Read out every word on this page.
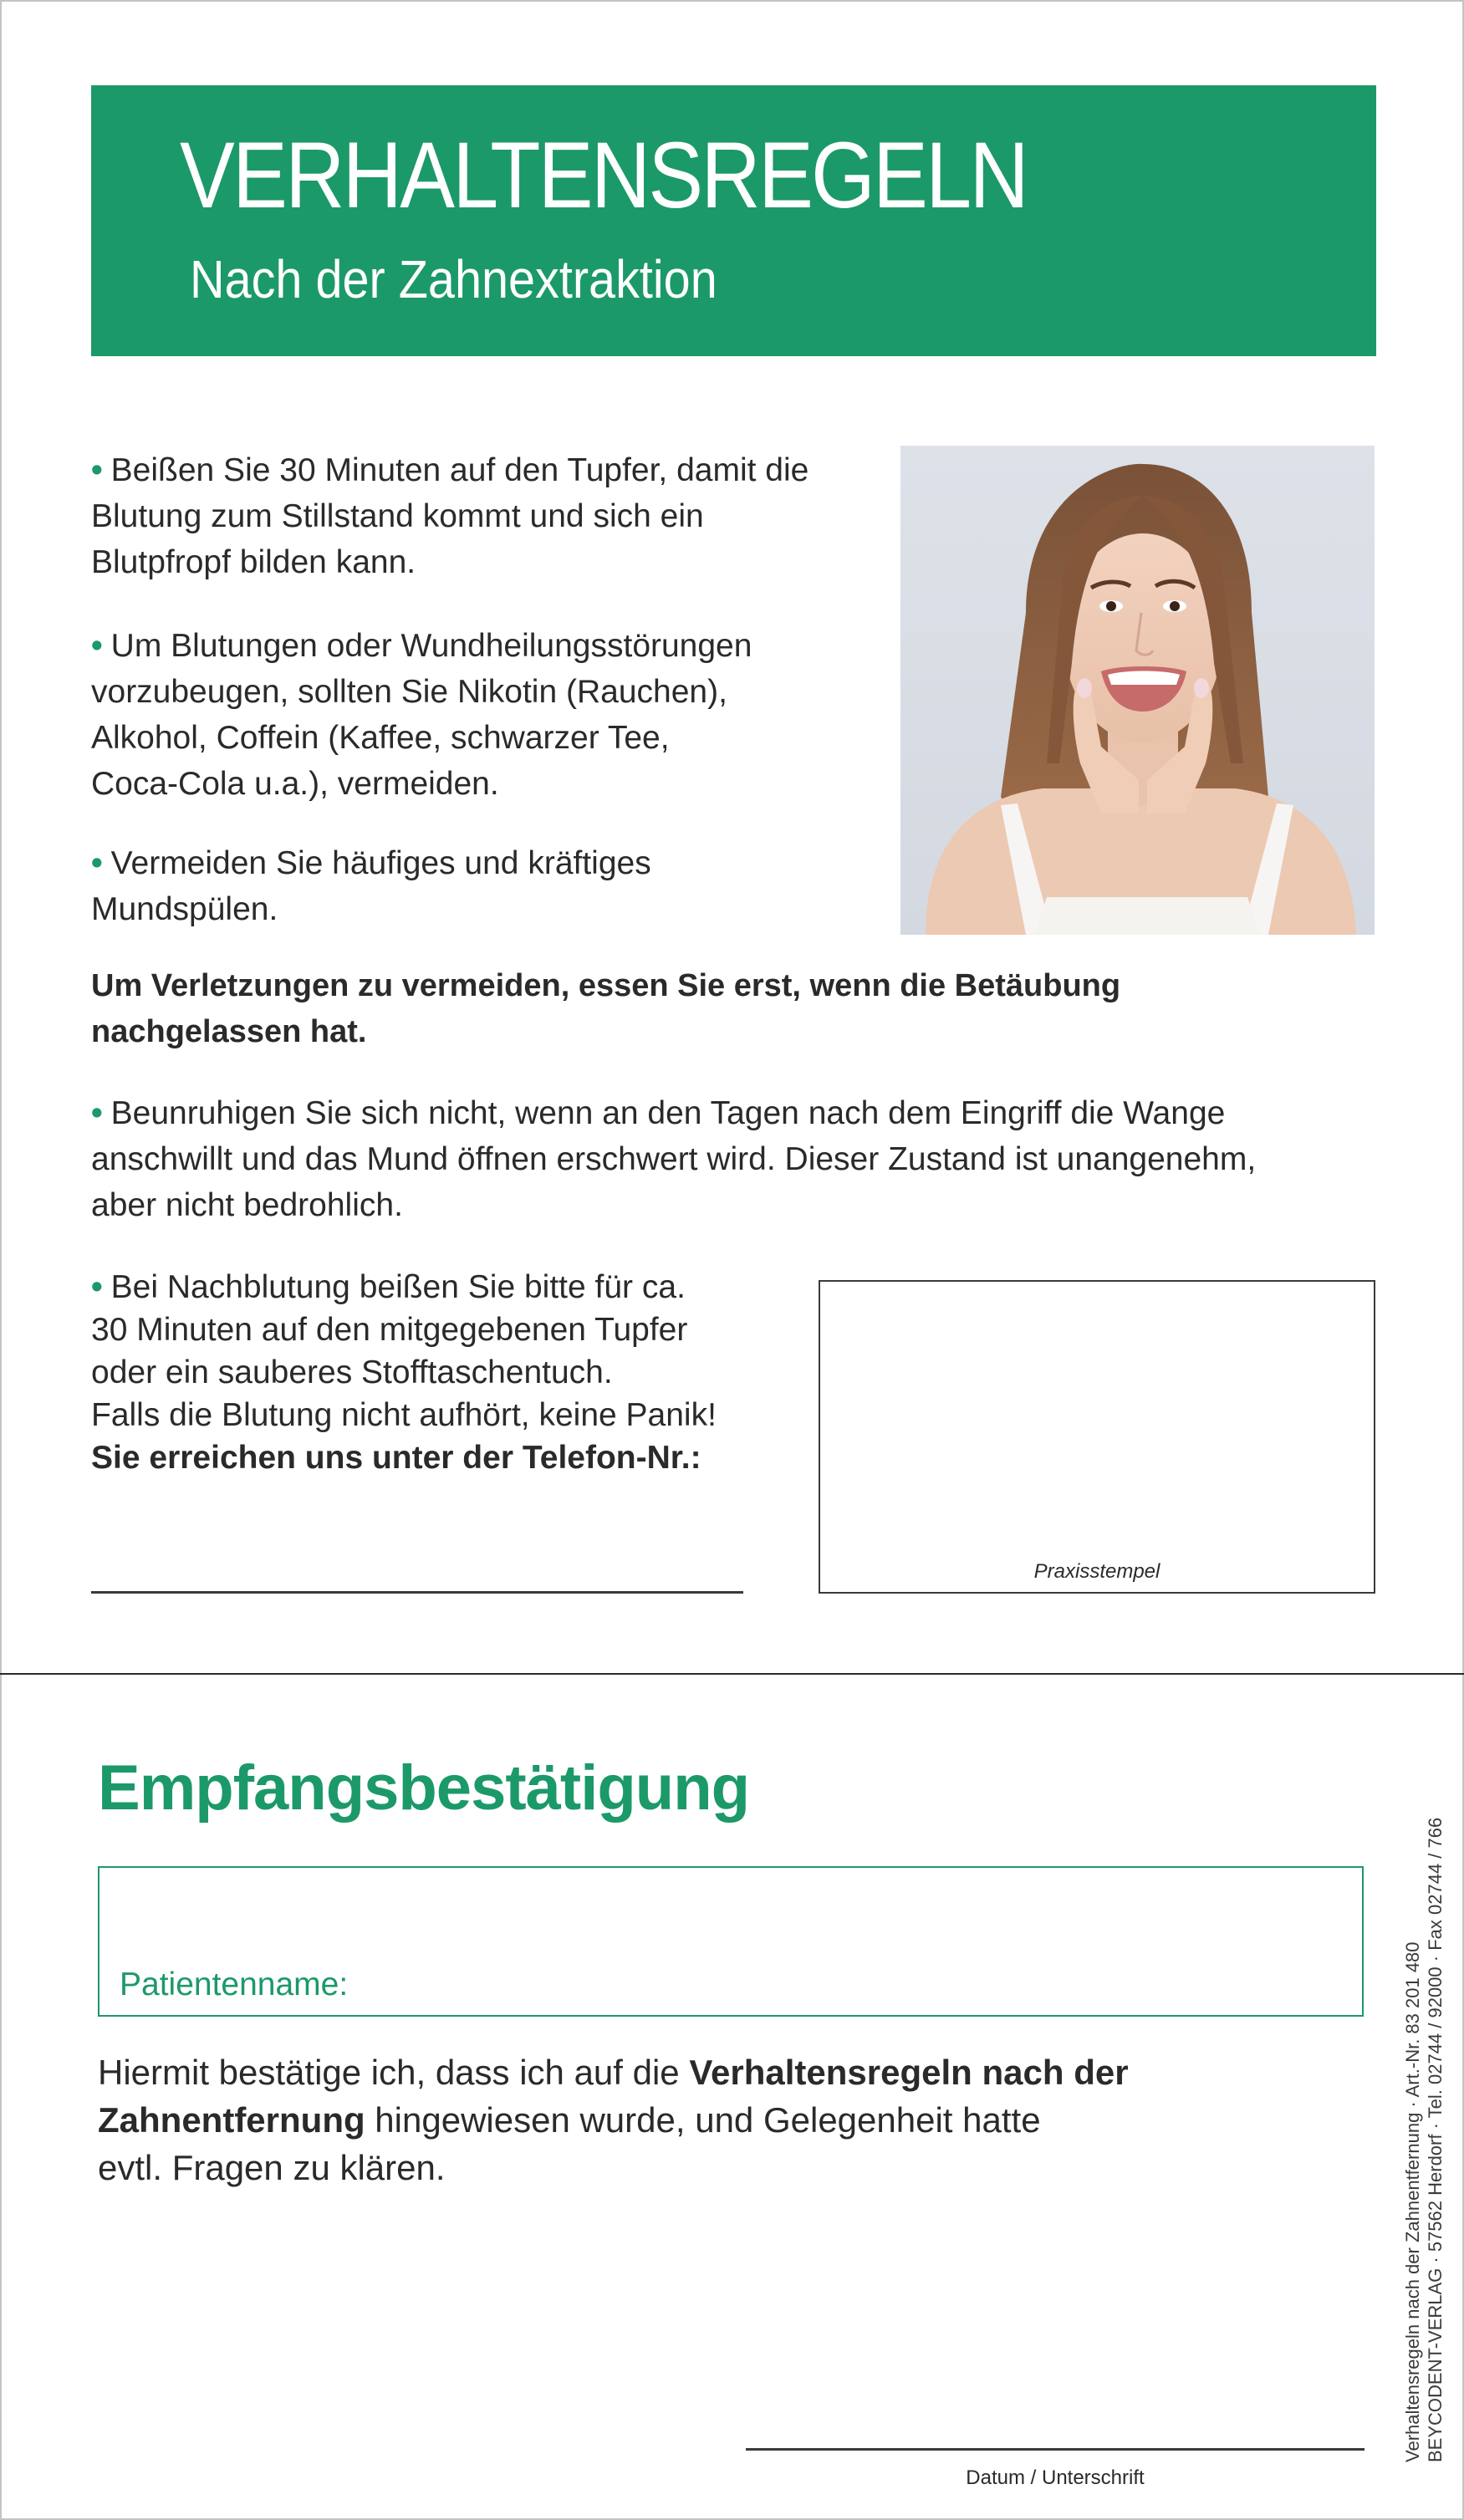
VERHALTENSREGELN
Nach der Zahnextraktion
• Beißen Sie 30 Minuten auf den Tupfer, damit die
Blutung zum Stillstand kommt und sich ein
Blutpfropf bilden kann.
• Um Blutungen oder Wundheilungsstörungen
vorzubeugen, sollten Sie Nikotin (Rauchen),
Alkohol, Coffein (Kaffee, schwarzer Tee,
Coca-Cola u.a.), vermeiden.
• Vermeiden Sie häufiges und kräftiges
Mundspülen.
Um Verletzungen zu vermeiden, essen Sie erst, wenn die Betäubung
nachgelassen hat.
• Beunruhigen Sie sich nicht, wenn an den Tagen nach dem Eingriff die Wange
anschwillt und das Mund öffnen erschwert wird. Dieser Zustand ist unangenehm,
aber nicht bedrohlich.
• Bei Nachblutung beißen Sie bitte für ca.
30 Minuten auf den mitgegebenen Tupfer
oder ein sauberes Stofftaschentuch.
Falls die Blutung nicht aufhört, keine Panik!
Sie erreichen uns unter der Telefon-Nr.:
Praxisstempel
Empfangsbestätigung
Patientenname:
Hiermit bestätige ich, dass ich auf die Verhaltensregeln nach der
Zahnentfernung hingewiesen wurde, und Gelegenheit hatte
evtl. Fragen zu klären.
Datum / Unterschrift
Verhaltensregeln nach der Zahnentfernung · Art.-Nr. 83 201 480 BEYCODENT-VERLAG · 57562 Herdorf · Tel. 02744 / 92000 · Fax 02744 / 766
